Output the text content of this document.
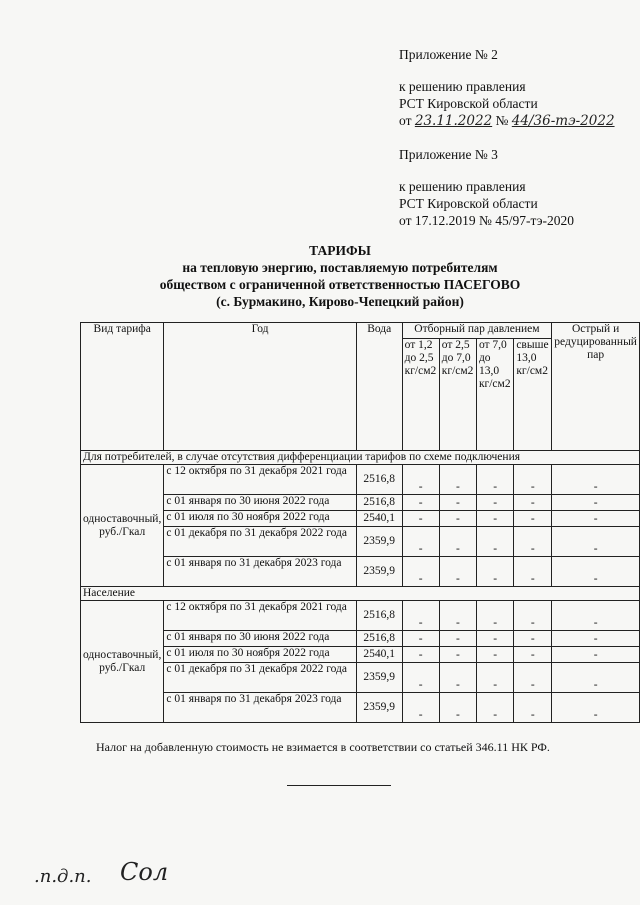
Приложение № 2
к решению правления
РСТ Кировской области
от 23.11.2022 № 44/36-тэ-2022
Приложение № 3
к решению правления
РСТ Кировской области
от 17.12.2019 № 45/97-тэ-2020
ТАРИФЫ
на тепловую энергию, поставляемую потребителям
обществом с ограниченной ответственностью ПАСЕГОВО
(с. Бурмакино, Кирово-Чепецкий район)
Вид тарифа	Год	Вода	Отборный пар давлением				Острый и редуцированный пар
			от 1,2 до 2,5 кг/см2	от 2,5 до 7,0 кг/см2	от 7,0 до 13,0 кг/см2	свыше 13,0 кг/см2	
Для потребителей, в случае отсутствия дифференциации тарифов по схеме подключения							
одноставочный, руб./Гкал	с 12 октября по 31 декабря 2021 года	2516,8	-	-	-	-	-
	с 01 января по 30 июня 2022 года	2516,8	-	-	-	-	-
	с 01 июля по 30 ноября 2022 года	2540,1	-	-	-	-	-
	с 01 декабря по 31 декабря 2022 года	2359,9	-	-	-	-	-
	с 01 января по 31 декабря 2023 года	2359,9	-	-	-	-	-
Население							
одноставочный, руб./Гкал	с 12 октября по 31 декабря 2021 года	2516,8	-	-	-	-	-
	с 01 января по 30 июня 2022 года	2516,8	-	-	-	-	-
	с 01 июля по 30 ноября 2022 года	2540,1	-	-	-	-	-
	с 01 декабря по 31 декабря 2022 года	2359,9	-	-	-	-	-
	с 01 января по 31 декабря 2023 года	2359,9	-	-	-	-	-
Налог на добавленную стоимость не взимается в соответствии со статьей 346.11 НК РФ.
.п.д.п. Сол
